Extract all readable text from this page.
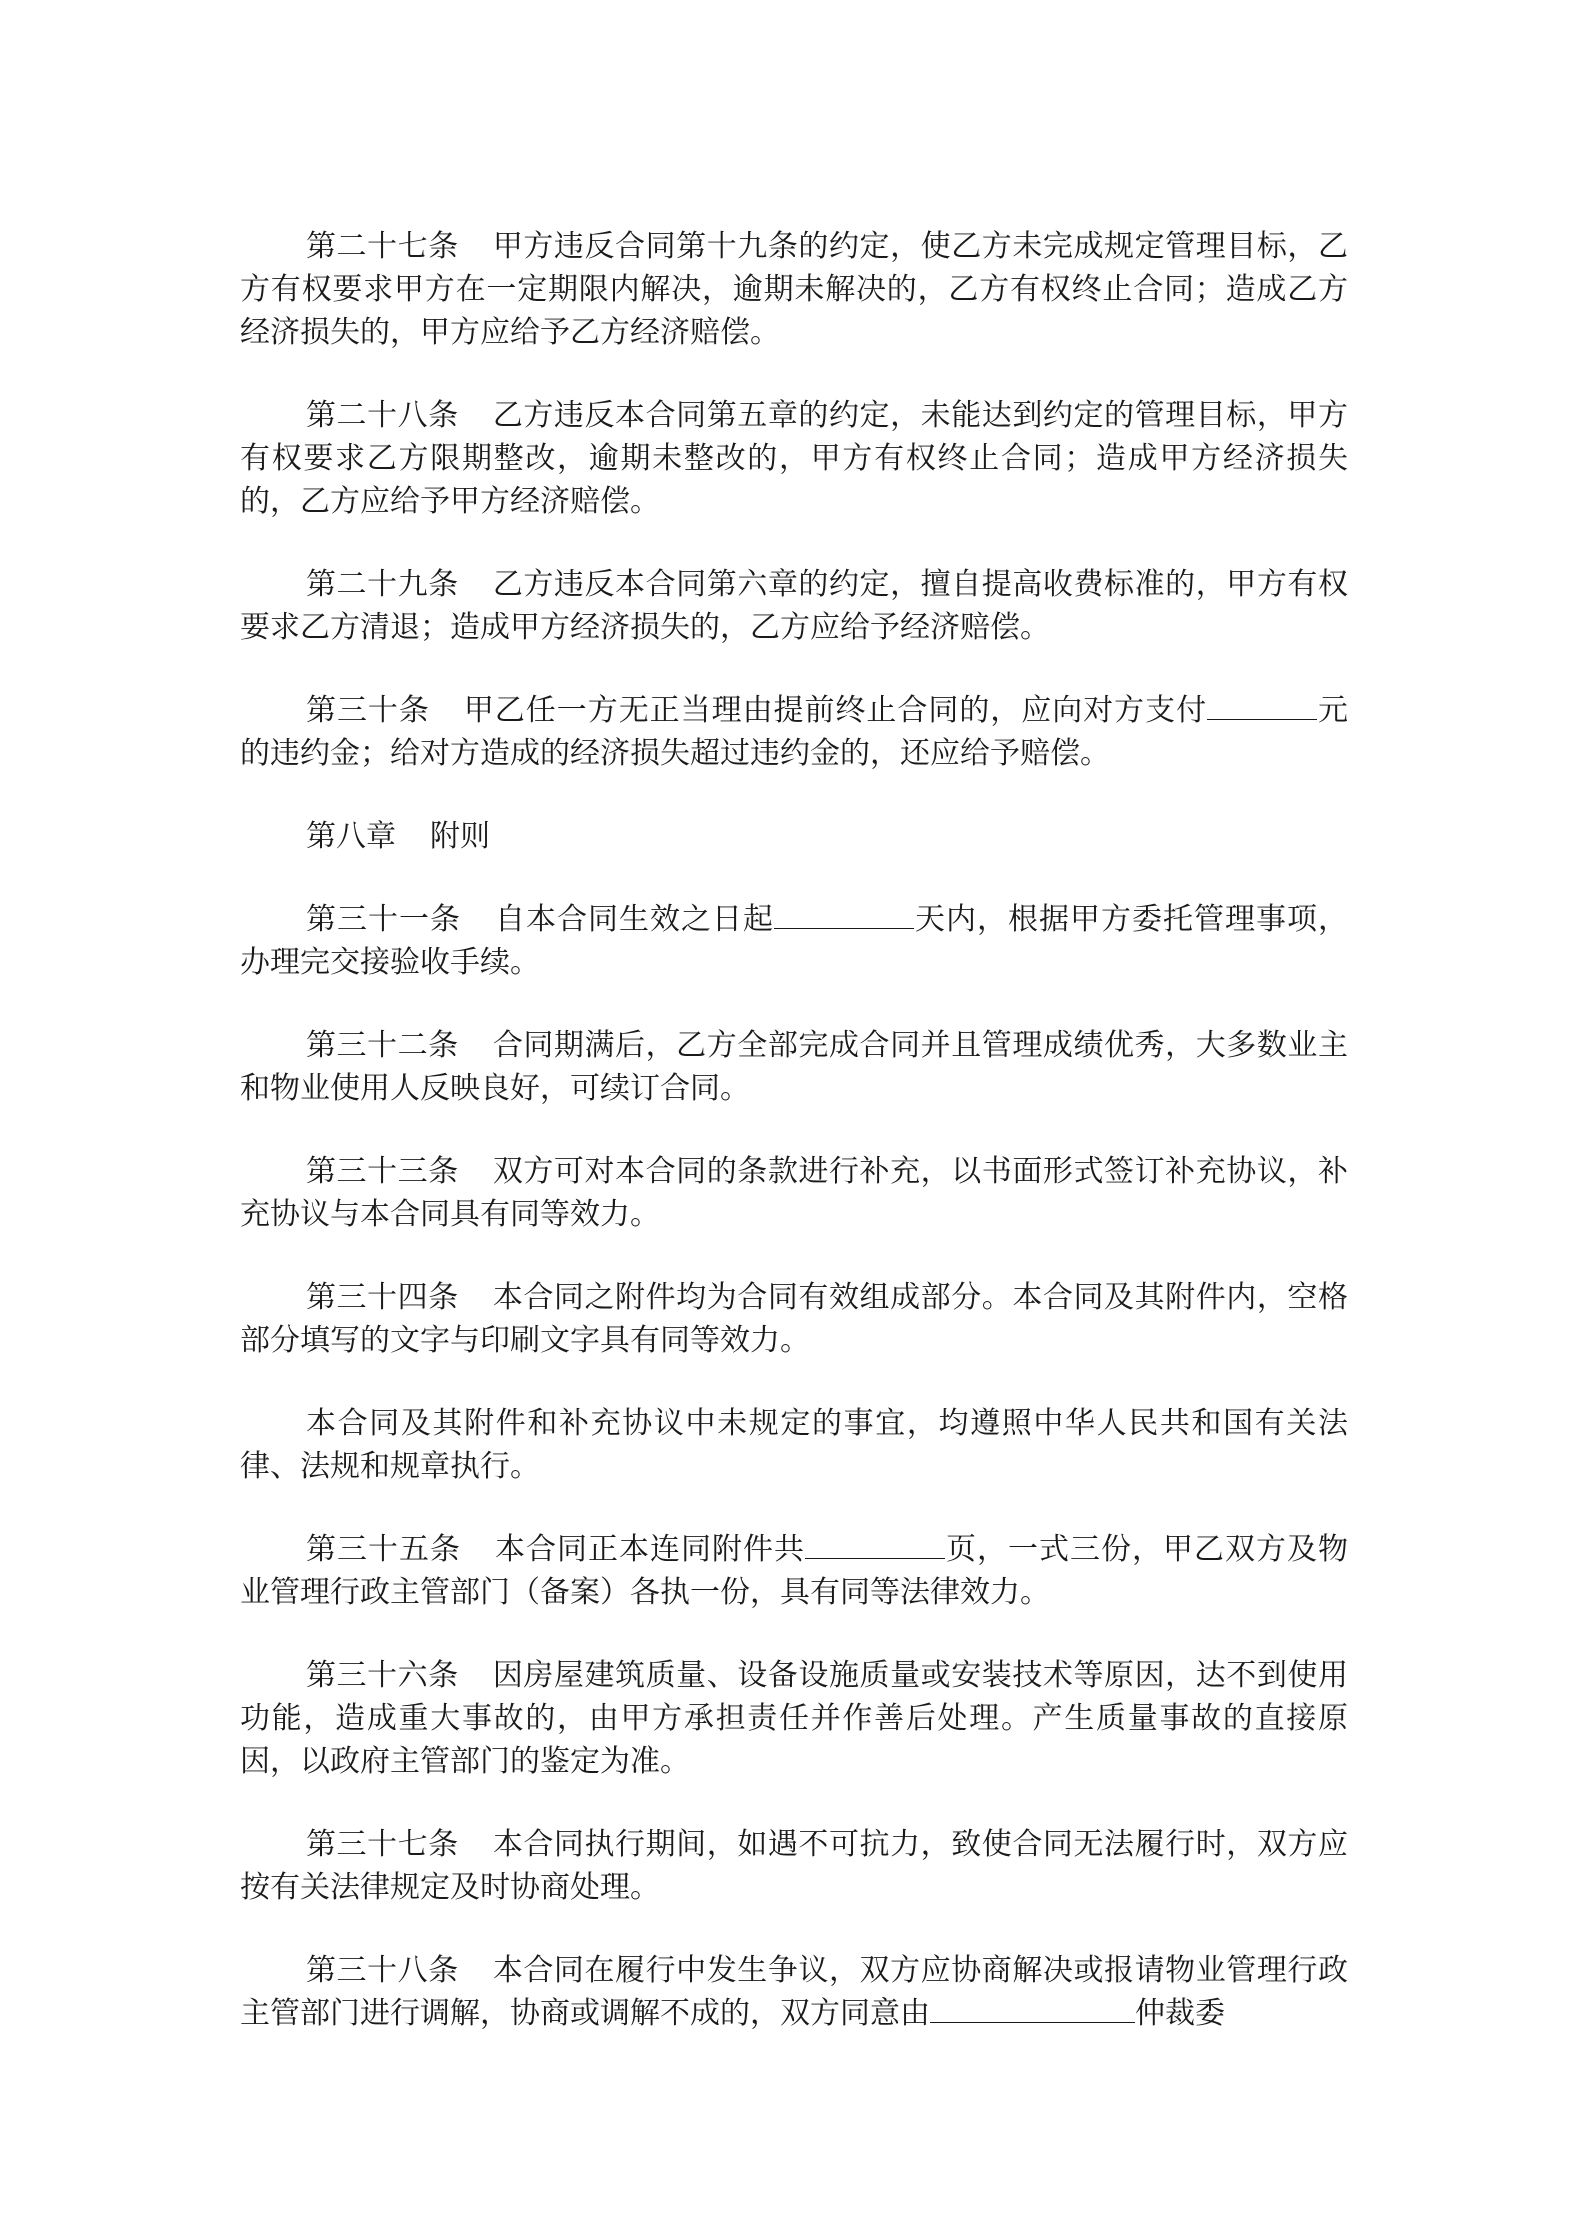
第二十七条 甲方违反合同第十九条的约定，使乙方未完成规定管理目标，乙方有权要求甲方在一定期限内解决，逾期未解决的，乙方有权终止合同；造成乙方经济损失的，甲方应给予乙方经济赔偿。

第二十八条 乙方违反本合同第五章的约定，未能达到约定的管理目标，甲方有权要求乙方限期整改，逾期未整改的，甲方有权终止合同；造成甲方经济损失的，乙方应给予甲方经济赔偿。

第二十九条 乙方违反本合同第六章的约定，擅自提高收费标准的，甲方有权要求乙方清退；造成甲方经济损失的，乙方应给予经济赔偿。

第三十条 甲乙任一方无正当理由提前终止合同的，应向对方支付	元的违约金；给对方造成的经济损失超过违约金的，还应给予赔偿。

第八章 附则

第三十一条 自本合同生效之日起	天内，根据甲方委托管理事项，办理完交接验收手续。

第三十二条 合同期满后，乙方全部完成合同并且管理成绩优秀，大多数业主和物业使用人反映良好，可续订合同。

第三十三条 双方可对本合同的条款进行补充，以书面形式签订补充协议，补充协议与本合同具有同等效力。

第三十四条 本合同之附件均为合同有效组成部分。本合同及其附件内，空格部分填写的文字与印刷文字具有同等效力。

本合同及其附件和补充协议中未规定的事宜，均遵照中华人民共和国有关法律、法规和规章执行。

第三十五条 本合同正本连同附件共	页，一式三份，甲乙双方及物业管理行政主管部门（备案）各执一份，具有同等法律效力。

第三十六条 因房屋建筑质量、设备设施质量或安装技术等原因，达不到使用功能，造成重大事故的，由甲方承担责任并作善后处理。产生质量事故的直接原因，以政府主管部门的鉴定为准。

第三十七条 本合同执行期间，如遇不可抗力，致使合同无法履行时，双方应按有关法律规定及时协商处理。

第三十八条 本合同在履行中发生争议，双方应协商解决或报请物业管理行政主管部门进行调解，协商或调解不成的，双方同意由	仲裁委
